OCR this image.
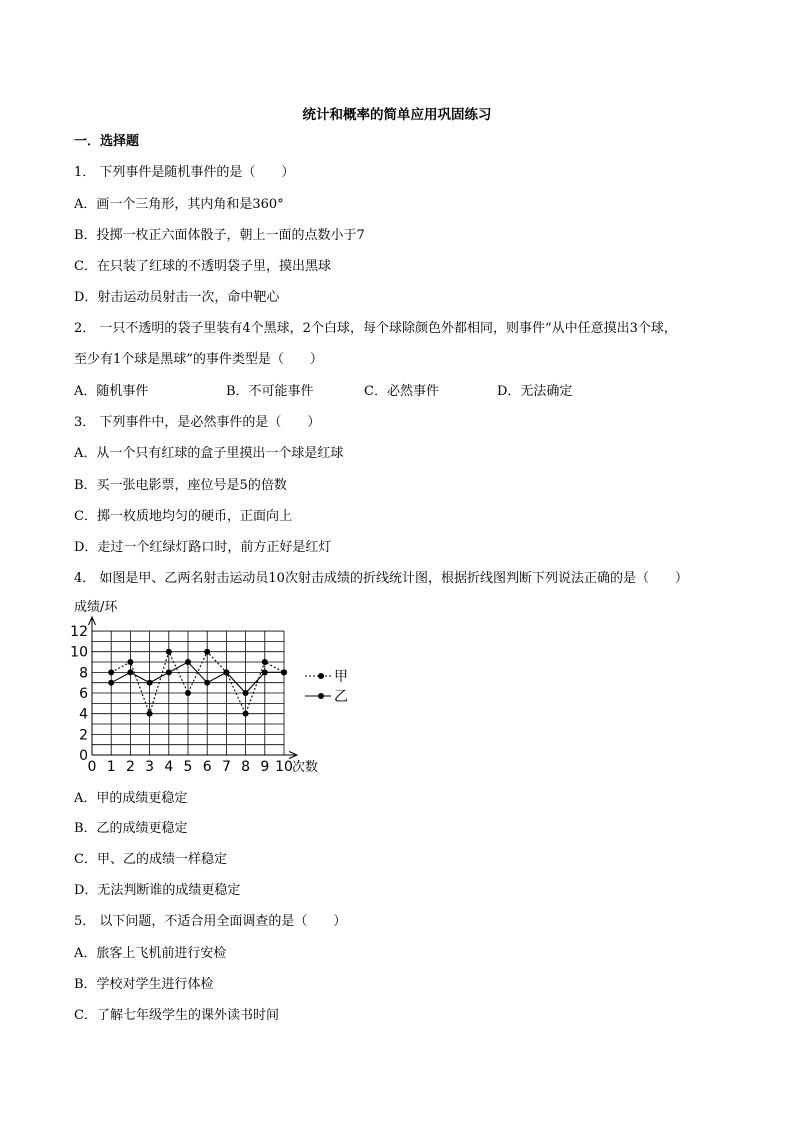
统计和概率的简单应用巩固练习
一．选择题
1． 下列事件是随机事件的是（　　）
A．画一个三角形，其内角和是360°
B．投掷一枚正六面体骰子，朝上一面的点数小于7
C．在只装了红球的不透明袋子里，摸出黑球
D．射击运动员射击一次，命中靶心
2． 一只不透明的袋子里装有4个黑球，2个白球，每个球除颜色外都相同，则事件“从中任意摸出3个球，
至少有1个球是黑球”的事件类型是（　　）
A．随机事件	B．不可能事件	C．必然事件	D．无法确定
3． 下列事件中，是必然事件的是（　　）
A．从一个只有红球的盒子里摸出一个球是红球
B．买一张电影票，座位号是5的倍数
C．掷一枚质地均匀的硬币，正面向上
D．走过一个红绿灯路口时，前方正好是红灯
4． 如图是甲、乙两名射击运动员10次射击成绩的折线统计图，根据折线图判断下列说法正确的是（　　）
0
2
4
6
8
10
12
0 1 2 3 4 5 6 7 8 9 10
成绩/环
次数
甲
乙
A．甲的成绩更稳定
B．乙的成绩更稳定
C．甲、乙的成绩一样稳定
D．无法判断谁的成绩更稳定
5． 以下问题，不适合用全面调查的是（　　）
A．旅客上飞机前进行安检
B．学校对学生进行体检
C．了解七年级学生的课外读书时间
